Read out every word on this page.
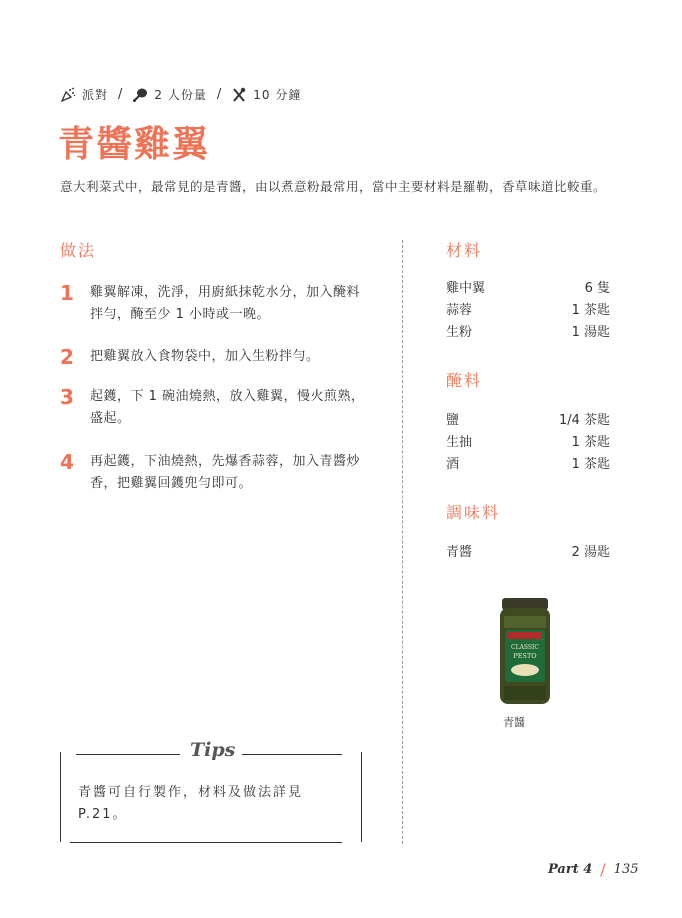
派對 /	2 人份量 /	10 分鐘
青醬雞翼
意大利菜式中，最常見的是青醬，由以煮意粉最常用，當中主要材料是羅勒，香草味道比較重。
做法
1	雞翼解凍，洗淨，用廚紙抹乾水分，加入醃料拌勻，醃至少 1 小時或一晚。
2	把雞翼放入食物袋中，加入生粉拌勻。
3	起鑊，下 1 碗油燒熱，放入雞翼，慢火煎熟，盛起。
4	再起鑊，下油燒熱，先爆香蒜蓉，加入青醬炒香，把雞翼回鑊兜勻即可。
材料
雞中翼	6 隻
蒜蓉	1 茶匙
生粉	1 湯匙
醃料
鹽	1/4 茶匙
生抽	1 茶匙
酒	1 茶匙
調味料
青醬	2 湯匙
CLASSIC
PESTO
青醬
Tips
青醬可自行製作，材料及做法詳見 P.21。
Part 4 / 135
